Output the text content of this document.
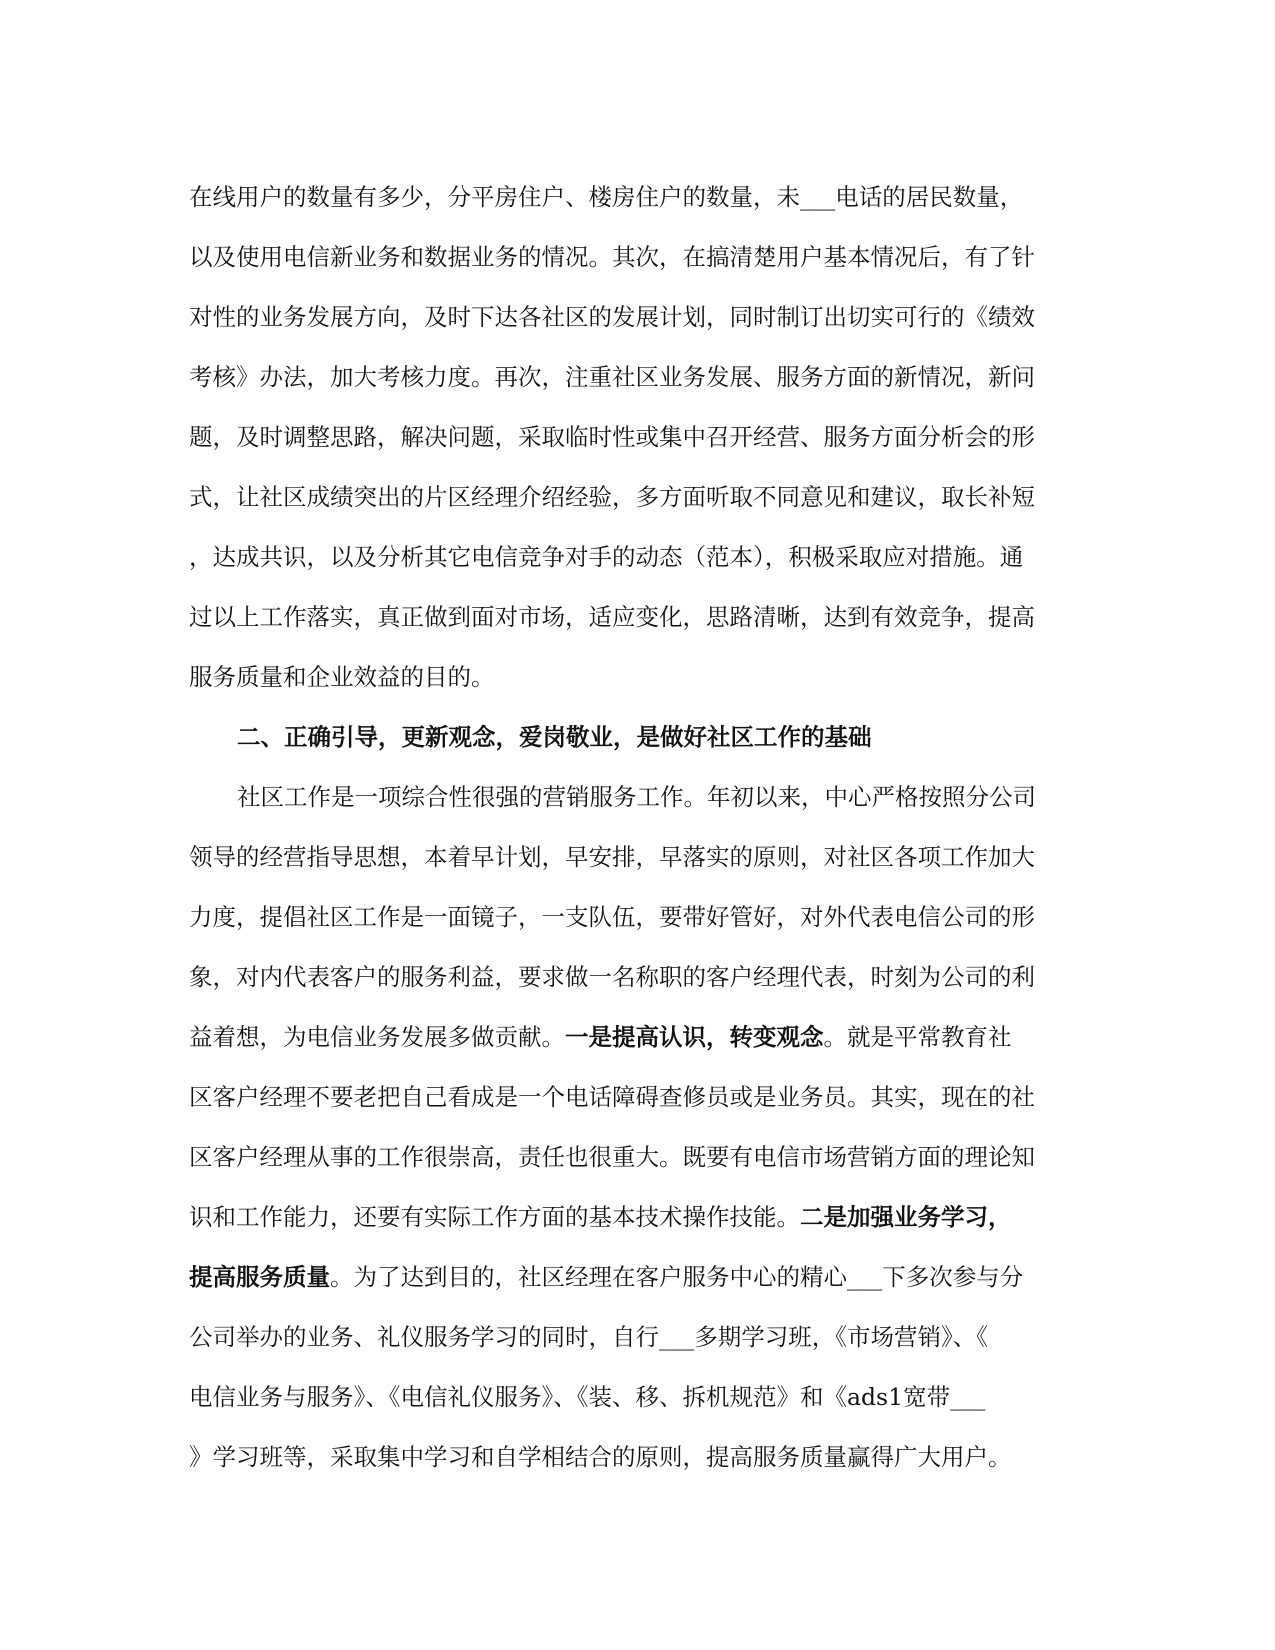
在线用户的数量有多少，分平房住户、楼房住户的数量，未___电话的居民数量，
以及使用电信新业务和数据业务的情况。其次，在搞清楚用户基本情况后，有了针
对性的业务发展方向，及时下达各社区的发展计划，同时制订出切实可行的《绩效
考核》办法，加大考核力度。再次，注重社区业务发展、服务方面的新情况，新问
题，及时调整思路，解决问题，采取临时性或集中召开经营、服务方面分析会的形
式，让社区成绩突出的片区经理介绍经验，多方面听取不同意见和建议，取长补短
，达成共识，以及分析其它电信竞争对手的动态（范本），积极采取应对措施。通
过以上工作落实，真正做到面对市场，适应变化，思路清晰，达到有效竞争，提高
服务质量和企业效益的目的。
二、正确引导，更新观念，爱岗敬业，是做好社区工作的基础
社区工作是一项综合性很强的营销服务工作。年初以来，中心严格按照分公司
领导的经营指导思想，本着早计划，早安排，早落实的原则，对社区各项工作加大
力度，提倡社区工作是一面镜子，一支队伍，要带好管好，对外代表电信公司的形
象，对内代表客户的服务利益，要求做一名称职的客户经理代表，时刻为公司的利
益着想，为电信业务发展多做贡献。一是提高认识，转变观念。就是平常教育社
区客户经理不要老把自己看成是一个电话障碍查修员或是业务员。其实，现在的社
区客户经理从事的工作很崇高，责任也很重大。既要有电信市场营销方面的理论知
识和工作能力，还要有实际工作方面的基本技术操作技能。二是加强业务学习，
提高服务质量。为了达到目的，社区经理在客户服务中心的精心___下多次参与分
公司举办的业务、礼仪服务学习的同时，自行___多期学习班，《市场营销》、《
电信业务与服务》、《电信礼仪服务》、《装、移、拆机规范》和《ads1宽带___
》学习班等，采取集中学习和自学相结合的原则，提高服务质量赢得广大用户。
